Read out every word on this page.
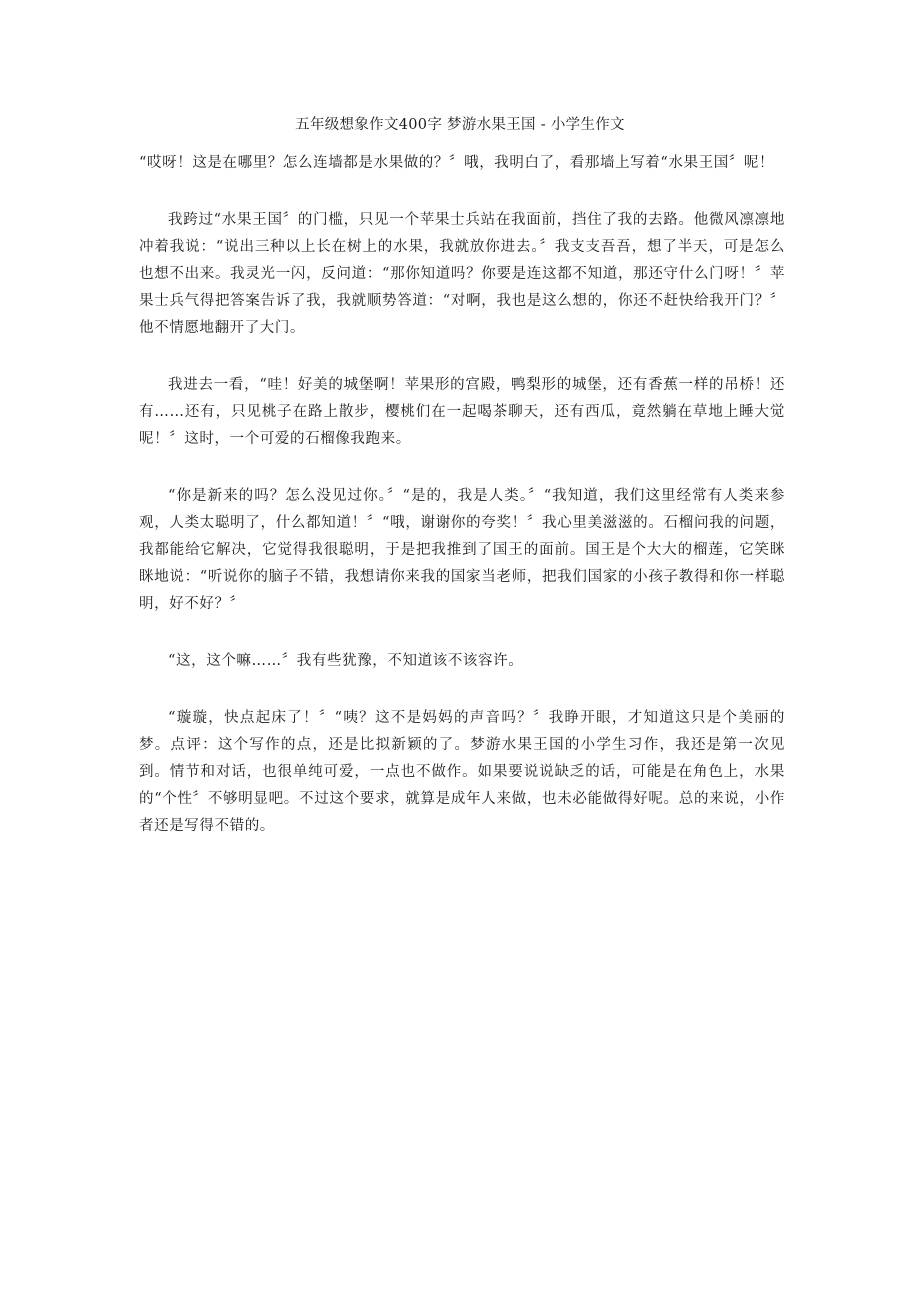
五年级想象作文400字 梦游水果王国 - 小学生作文

“哎呀！这是在哪里？怎么连墙都是水果做的？〞哦，我明白了，看那墙上写着“水果王国〞呢！

我跨过“水果王国〞的门槛，只见一个苹果士兵站在我面前，挡住了我的去路。他微风凛凛地冲着我说：“说出三种以上长在树上的水果，我就放你进去。〞我支支吾吾，想了半天，可是怎么也想不出来。我灵光一闪，反问道：“那你知道吗？你要是连这都不知道，那还守什么门呀！〞苹果士兵气得把答案告诉了我，我就顺势答道：“对啊，我也是这么想的，你还不赶快给我开门？〞他不情愿地翻开了大门。

我进去一看，“哇！好美的城堡啊！苹果形的宫殿，鸭梨形的城堡，还有香蕉一样的吊桥！还有……还有，只见桃子在路上散步，樱桃们在一起喝茶聊天，还有西瓜，竟然躺在草地上睡大觉呢！〞这时，一个可爱的石榴像我跑来。

“你是新来的吗？怎么没见过你。〞“是的，我是人类。〞“我知道，我们这里经常有人类来参观，人类太聪明了，什么都知道！〞“哦，谢谢你的夸奖！〞我心里美滋滋的。石榴问我的问题，我都能给它解决，它觉得我很聪明，于是把我推到了国王的面前。国王是个大大的榴莲，它笑眯眯地说：“听说你的脑子不错，我想请你来我的国家当老师，把我们国家的小孩子教得和你一样聪明，好不好？〞

“这，这个嘛……〞我有些犹豫，不知道该不该容许。

“璇璇，快点起床了！〞“咦？这不是妈妈的声音吗？〞我睁开眼，才知道这只是个美丽的梦。点评：这个写作的点，还是比拟新颖的了。梦游水果王国的小学生习作，我还是第一次见到。情节和对话，也很单纯可爱，一点也不做作。如果要说说缺乏的话，可能是在角色上，水果的“个性〞不够明显吧。不过这个要求，就算是成年人来做，也未必能做得好呢。总的来说，小作者还是写得不错的。
